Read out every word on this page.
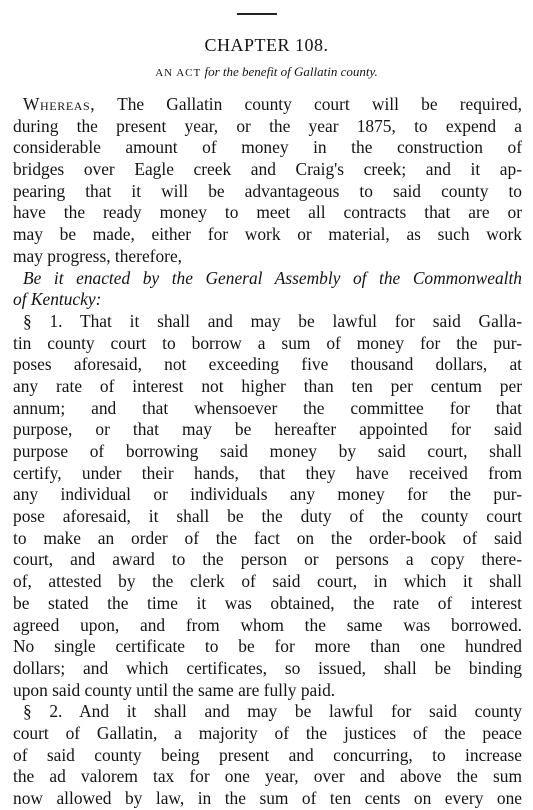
CHAPTER 108.
AN ACT for the benefit of Gallatin county.
Whereas, The Gallatin county court will be required,
during the present year, or the year 1875, to expend a
considerable amount of money in the construction of
bridges over Eagle creek and Craig's creek; and it ap-
pearing that it will be advantageous to said county to
have the ready money to meet all contracts that are or
may be made, either for work or material, as such work
may progress, therefore,
Be it enacted by the General Assembly of the Commonwealth
of Kentucky:
§ 1. That it shall and may be lawful for said Galla-
tin county court to borrow a sum of money for the pur-
poses aforesaid, not exceeding five thousand dollars, at
any rate of interest not higher than ten per centum per
annum; and that whensoever the committee for that
purpose, or that may be hereafter appointed for said
purpose of borrowing said money by said court, shall
certify, under their hands, that they have received from
any individual or individuals any money for the pur-
pose aforesaid, it shall be the duty of the county court
to make an order of the fact on the order-book of said
court, and award to the person or persons a copy there-
of, attested by the clerk of said court, in which it shall
be stated the time it was obtained, the rate of interest
agreed upon, and from whom the same was borrowed.
No single certificate to be for more than one hundred
dollars; and which certificates, so issued, shall be binding
upon said county until the same are fully paid.
§ 2. And it shall and may be lawful for said county
court of Gallatin, a majority of the justices of the peace
of said county being present and concurring, to increase
the ad valorem tax for one year, over and above the sum
now allowed by law, in the sum of ten cents on every one
